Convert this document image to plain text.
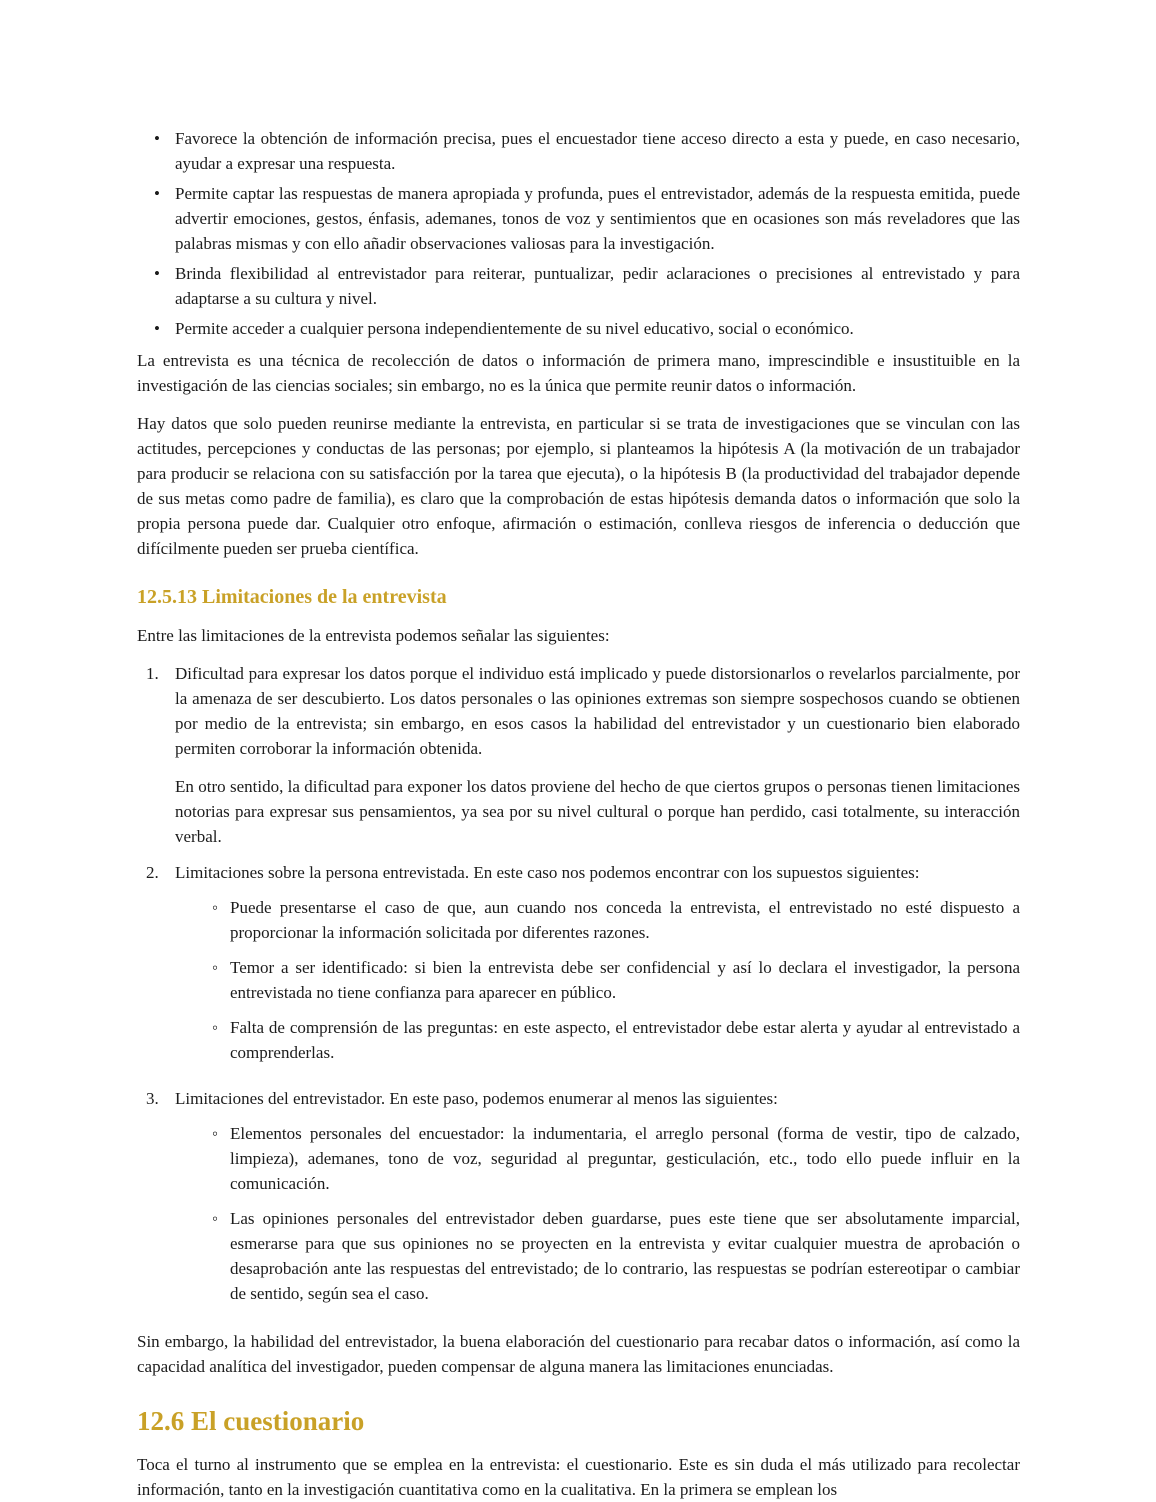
• Favorece la obtención de información precisa, pues el encuestador tiene acceso directo a esta y puede, en caso necesario, ayudar a expresar una respuesta.
• Permite captar las respuestas de manera apropiada y profunda, pues el entrevistador, además de la respuesta emitida, puede advertir emociones, gestos, énfasis, ademanes, tonos de voz y sentimientos que en ocasiones son más reveladores que las palabras mismas y con ello añadir observaciones valiosas para la investigación.
• Brinda flexibilidad al entrevistador para reiterar, puntualizar, pedir aclaraciones o precisiones al entrevistado y para adaptarse a su cultura y nivel.
• Permite acceder a cualquier persona independientemente de su nivel educativo, social o económico.

La entrevista es una técnica de recolección de datos o información de primera mano, imprescindible e insustituible en la investigación de las ciencias sociales; sin embargo, no es la única que permite reunir datos o información.

Hay datos que solo pueden reunirse mediante la entrevista, en particular si se trata de investigaciones que se vinculan con las actitudes, percepciones y conductas de las personas; por ejemplo, si planteamos la hipótesis A (la motivación de un trabajador para producir se relaciona con su satisfacción por la tarea que ejecuta), o la hipótesis B (la productividad del trabajador depende de sus metas como padre de familia), es claro que la comprobación de estas hipótesis demanda datos o información que solo la propia persona puede dar. Cualquier otro enfoque, afirmación o estimación, conlleva riesgos de inferencia o deducción que difícilmente pueden ser prueba científica.

12.5.13 Limitaciones de la entrevista

Entre las limitaciones de la entrevista podemos señalar las siguientes:

1. Dificultad para expresar los datos porque el individuo está implicado y puede distorsionarlos o revelarlos parcialmente, por la amenaza de ser descubierto. Los datos personales o las opiniones extremas son siempre sospechosos cuando se obtienen por medio de la entrevista; sin embargo, en esos casos la habilidad del entrevistador y un cuestionario bien elaborado permiten corroborar la información obtenida.

En otro sentido, la dificultad para exponer los datos proviene del hecho de que ciertos grupos o personas tienen limitaciones notorias para expresar sus pensamientos, ya sea por su nivel cultural o porque han perdido, casi totalmente, su interacción verbal.

2. Limitaciones sobre la persona entrevistada. En este caso nos podemos encontrar con los supuestos siguientes:

◦ Puede presentarse el caso de que, aun cuando nos conceda la entrevista, el entrevistado no esté dispuesto a proporcionar la información solicitada por diferentes razones.
◦ Temor a ser identificado: si bien la entrevista debe ser confidencial y así lo declara el investigador, la persona entrevistada no tiene confianza para aparecer en público.
◦ Falta de comprensión de las preguntas: en este aspecto, el entrevistador debe estar alerta y ayudar al entrevistado a comprenderlas.
3. Limitaciones del entrevistador. En este paso, podemos enumerar al menos las siguientes:

◦ Elementos personales del encuestador: la indumentaria, el arreglo personal (forma de vestir, tipo de calzado, limpieza), ademanes, tono de voz, seguridad al preguntar, gesticulación, etc., todo ello puede influir en la comunicación.
◦ Las opiniones personales del entrevistador deben guardarse, pues este tiene que ser absolutamente imparcial, esmerarse para que sus opiniones no se proyecten en la entrevista y evitar cualquier muestra de aprobación o desaprobación ante las respuestas del entrevistado; de lo contrario, las respuestas se podrían estereotipar o cambiar de sentido, según sea el caso.

Sin embargo, la habilidad del entrevistador, la buena elaboración del cuestionario para recabar datos o información, así como la capacidad analítica del investigador, pueden compensar de alguna manera las limitaciones enunciadas.

12.6 El cuestionario

Toca el turno al instrumento que se emplea en la entrevista: el cuestionario. Este es sin duda el más utilizado para recolectar información, tanto en la investigación cuantitativa como en la cualitativa. En la primera se emplean los
